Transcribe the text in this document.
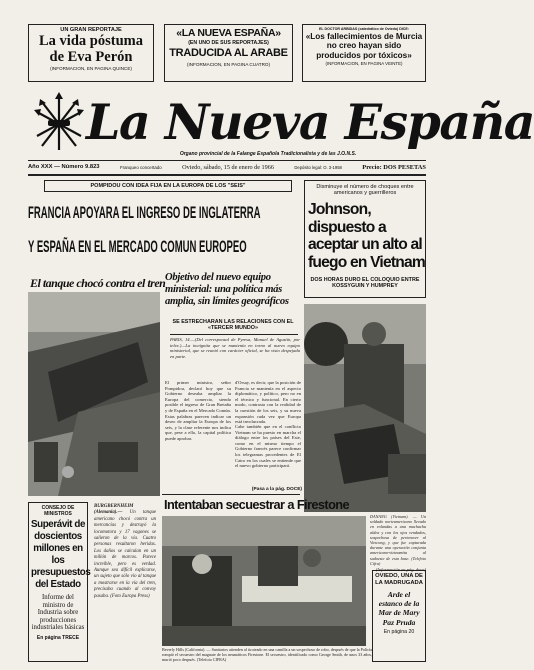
UN GRAN REPORTAJE
La vida póstuma
de Eva Perón
(INFORMACION, EN PAGINA QUINCE)
«LA NUEVA ESPAÑA»
(EN UNO DE SUS REPORTAJES)
TRADUCIDA AL ARABE
(INFORMACION, EN PAGINA CUATRO)
EL DOCTOR ARBIDAS (catedrático de Oviedo) DICE:
«Los fallecimientos de Murcia no creo hayan sido producidos por tóxicos»
(INFORMACION, EN PAGINA VEINTE)
La Nueva España
Organo provincial de la Falange Española Tradicionalista y de las J.O.N.S.
Año XXX — Número 9.823	Franqueo concertado	Oviedo, sábado, 15 de enero de 1966	Depósito legal: O. 3-1958	Precio: DOS PESETAS
POMPIDOU CON IDEA FIJA EN LA EUROPA DE LOS "SEIS"
FRANCIA APOYARA EL INGRESO DE INGLATERRA
Y ESPAÑA EN EL MERCADO COMUN EUROPEO
El tanque chocó contra el tren Objetivo del nuevo equipo ministerial: una política más amplia, sin límites geográficos
SE ESTRECHARAN LAS RELACIONES CON EL «TERCER MUNDO»
PARIS, 14.—(Del corresponsal de Pyresa, Manuel de Agustín, por telex.)—La incógnita que se mantenía en torno al nuevo equipo ministerial, que se reunió con carácter oficial, se ha visto despejada en parte.
El primer ministro, señor Pompidou, declaró hoy que su Gobierno deseaba ampliar la Europa del comercio, siendo posible el ingreso de Gran Bretaña y de España en el Mercado Común. Estas palabras parecen indicar un deseo de ampliar la Europa de los seis, y la clase referente nos indica que, pese a ello, la capital política puede aprobar.
d'Orsay, es decir, que la posición de Francia se mantenía en el aspecto diplomático, y político, pero no en el técnico y funcional. En cierto modo, contrasta con la realidad de la cuestión de los seis, y su nueva expansión cada vez que Europa está involucrada.
Cabe también que en el conflicto Vietnam se ha puesto en marcha el diálogo entre los países del Este, como en el mismo tiempo el Gobierno francés parece confirmar los telegramas procedentes de El Cairo en los cuales se entiende que el nuevo gobierno participará.
(Pasa a la pág. DOCE)
Disminuye el número de choques entre americanos y guerrilleros
Johnson, dispuesto a aceptar un alto al fuego en Vietnam
DOS HORAS DURO EL COLOQUIO ENTRE KOSSYGUIN Y HUMPREY
DANANG (Vietnam). — Un soldado norteamericano llevado en volandas a una muchacha aldea y con los ojos vendados, sospechosa de pertenecer al Vietcong, y que fue capturada durante una operación conjunta americano-vietnamita al sudoeste de esta base. (Telefoto Cifra)
(Información en pág. doce)
CONSEJO DE MINISTROS
Superávit de doscientos millones en los presupuestos del Estado
Informe del ministro de Industria sobre producciones industriales básicas
En página TRECE
BURGBERNHEIM (Alemania).— Un tanque americano chocó contra un mercancías y destruyó la locomotora y 17 vagones se salieron de la vía. Cuatro personas resultaron heridas. Los daños se calculan en un millón de marcos. Parece increíble, pero es verdad. Aunque sea difícil explicarse, un sujeto que sólo vio al tanque a mostrarse en la vía del tren, precisaba cuando al convoy pasaba. (Foto Europa Press)
Intentaban secuestrar a Firestone
Beverly Hills (California). — Sanitarios atienden al tiroteado en una camilla a un sospechoso de robo, después de que la Policía rompió el secuestro del magnate de los neumáticos Firestone. El secuestro, identificado como George Smith, de unos 33 años, murió poco después. (Telefoto CIFRA)
OVIEDO, UNA DE LA MADRUGADA
Arde el estanco de la Mar de Mary Paz Pruda
En página 20
